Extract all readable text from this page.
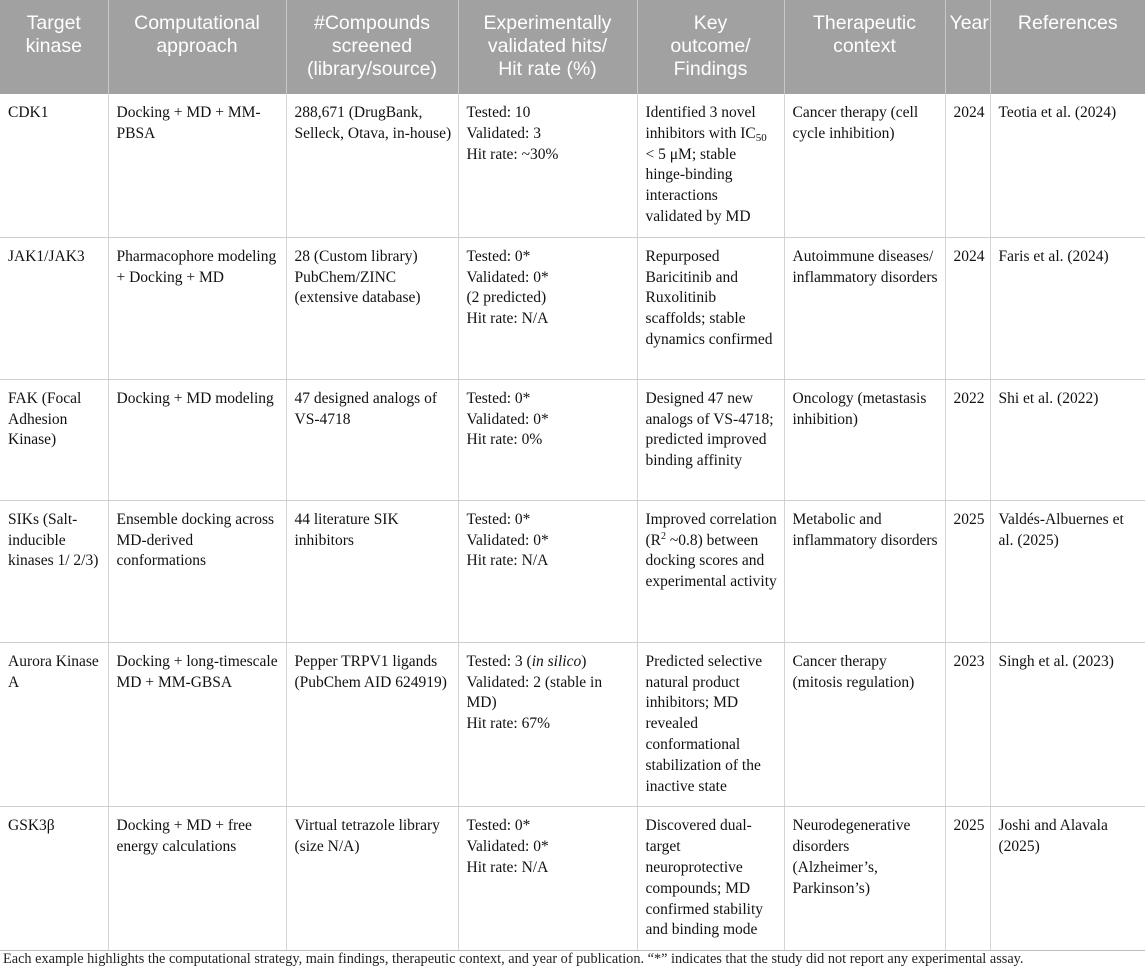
Target
kinase	Computational
approach	#Compounds
screened
(library/source)	Experimentally
validated hits/
Hit rate (%)	Key
outcome/
Findings	Therapeutic
context	Year	References

CDK1	Docking + MD + MM-PBSA	288,671 (DrugBank, Selleck, Otava, in-house)	Tested: 10
Validated: 3
Hit rate: ~30%	Identified 3 novel inhibitors with $IC_{50} < 5$ μM; stable hinge-binding interactions validated by MD	Cancer therapy (cell cycle inhibition)	2024	Teotia et al. (2024)
JAK1/JAK3	Pharmacophore modeling + Docking + MD	28 (Custom library) PubChem/ZINC (extensive database)	Tested: 0*
Validated: 0*
(2 predicted)
Hit rate: N/A	Repurposed Baricitinib and Ruxolitinib scaffolds; stable dynamics confirmed	Autoimmune diseases/ inflammatory disorders	2024	Faris et al. (2024)
FAK (Focal Adhesion Kinase)	Docking + MD modeling	47 designed analogs of VS-4718	Tested: 0*
Validated: 0*
Hit rate: 0%	Designed 47 new analogs of VS-4718; predicted improved binding affinity	Oncology (metastasis inhibition)	2022	Shi et al. (2022)
SIKs (Salt-inducible kinases 1/ 2/3)	Ensemble docking across MD-derived conformations	44 literature SIK inhibitors	Tested: 0*
Validated: 0*
Hit rate: N/A	Improved correlation ($R^2$ ~0.8) between docking scores and experimental activity	Metabolic and inflammatory disorders	2025	Valdés-Albuernes et al. (2025)
Aurora Kinase A	Docking + long-timescale MD + MM-GBSA	Pepper TRPV1 ligands (PubChem AID 624919)	Tested: 3 (in silico)
Validated: 2 (stable in MD)
Hit rate: 67%	Predicted selective natural product inhibitors; MD revealed conformational stabilization of the inactive state	Cancer therapy (mitosis regulation)	2023	Singh et al. (2023)
GSK3β	Docking + MD + free energy calculations	Virtual tetrazole library (size N/A)	Tested: 0*
Validated: 0*
Hit rate: N/A	Discovered dual-target neuroprotective compounds; MD confirmed stability and binding mode	Neurodegenerative disorders (Alzheimer’s, Parkinson’s)	2025	Joshi and Alavala (2025)
Each example highlights the computational strategy, main findings, therapeutic context, and year of publication. “*” indicates that the study did not report any experimental assay.
